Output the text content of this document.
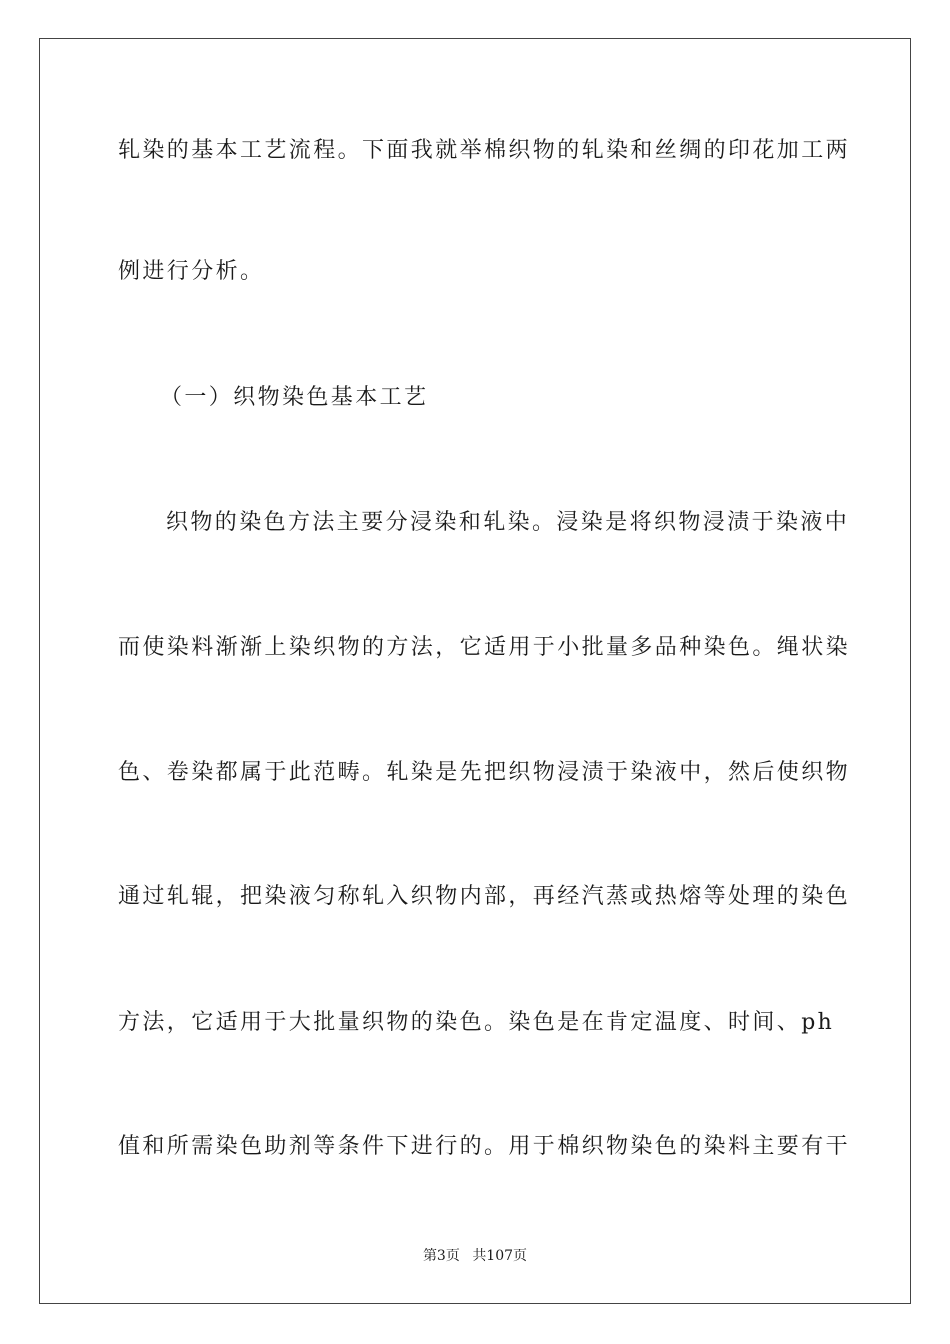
轧染的基本工艺流程。下面我就举棉织物的轧染和丝绸的印花加工两
例进行分析。
（一）织物染色基本工艺
织物的染色方法主要分浸染和轧染。浸染是将织物浸渍于染液中
而使染料渐渐上染织物的方法，它适用于小批量多品种染色。绳状染
色、卷染都属于此范畴。轧染是先把织物浸渍于染液中，然后使织物
通过轧辊，把染液匀称轧入织物内部，再经汽蒸或热熔等处理的染色
方法，它适用于大批量织物的染色。染色是在肯定温度、时间、ph
值和所需染色助剂等条件下进行的。用于棉织物染色的染料主要有干
第3页 共107页
